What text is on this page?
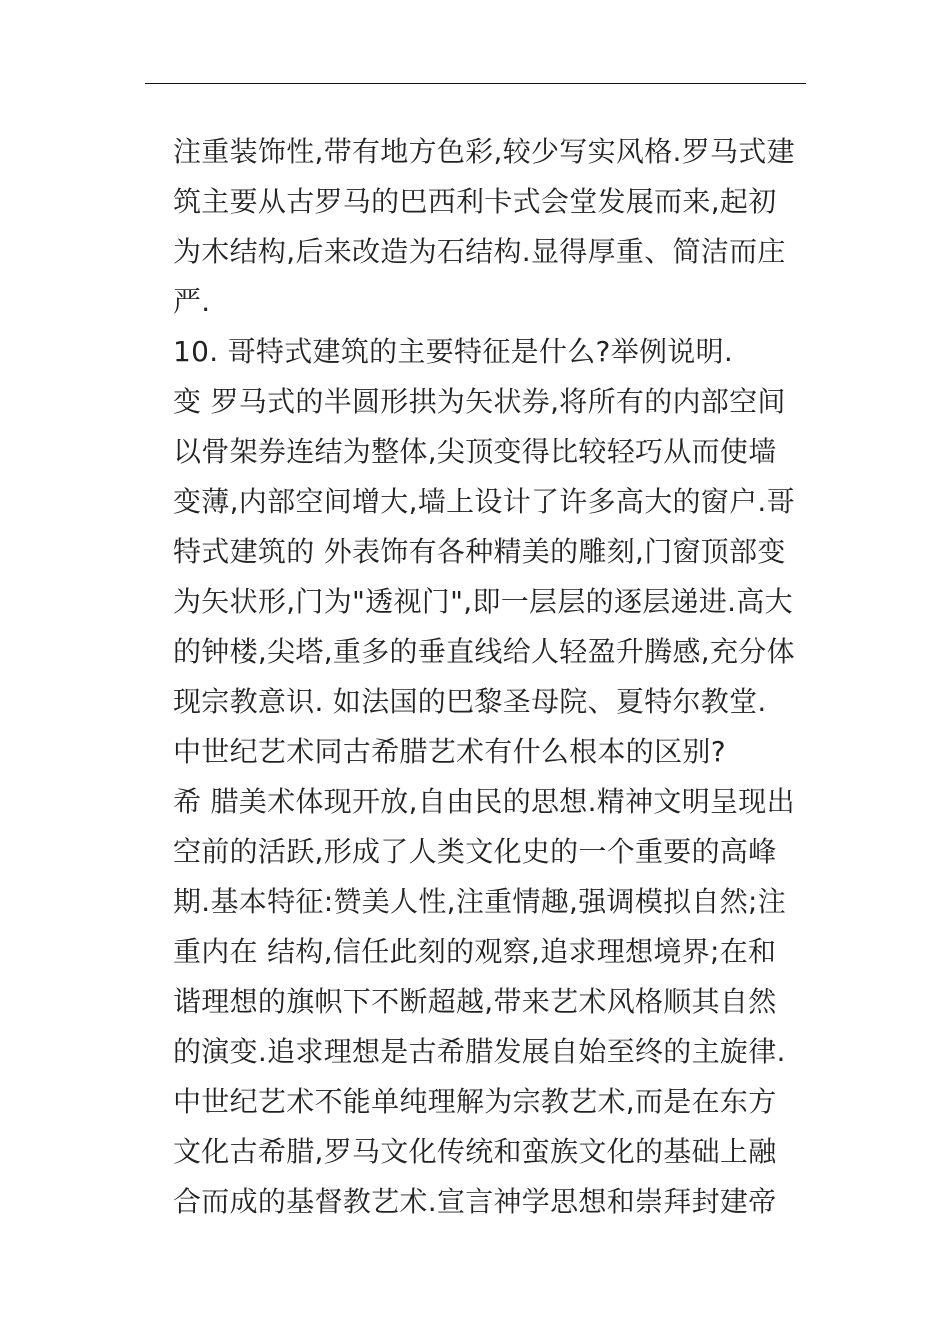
注重装饰性,带有地方色彩,较少写实风格.罗马式建
筑主要从古罗马的巴西利卡式会堂发展而来,起初
为木结构,后来改造为石结构.显得厚重、简洁而庄
严.
10. 哥特式建筑的主要特征是什么?举例说明.
变 罗马式的半圆形拱为矢状券,将所有的内部空间
以骨架券连结为整体,尖顶变得比较轻巧从而使墙
变薄,内部空间增大,墙上设计了许多高大的窗户.哥
特式建筑的 外表饰有各种精美的雕刻,门窗顶部变
为矢状形,门为"透视门",即一层层的逐层递进.高大
的钟楼,尖塔,重多的垂直线给人轻盈升腾感,充分体
现宗教意识. 如法国的巴黎圣母院、夏特尔教堂.
中世纪艺术同古希腊艺术有什么根本的区别?
希 腊美术体现开放,自由民的思想.精神文明呈现出
空前的活跃,形成了人类文化史的一个重要的高峰
期.基本特征:赞美人性,注重情趣,强调模拟自然;注
重内在 结构,信任此刻的观察,追求理想境界;在和
谐理想的旗帜下不断超越,带来艺术风格顺其自然
的演变.追求理想是古希腊发展自始至终的主旋律.
中世纪艺术不能单纯理解为宗教艺术,而是在东方
文化古希腊,罗马文化传统和蛮族文化的基础上融
合而成的基督教艺术.宣言神学思想和崇拜封建帝
